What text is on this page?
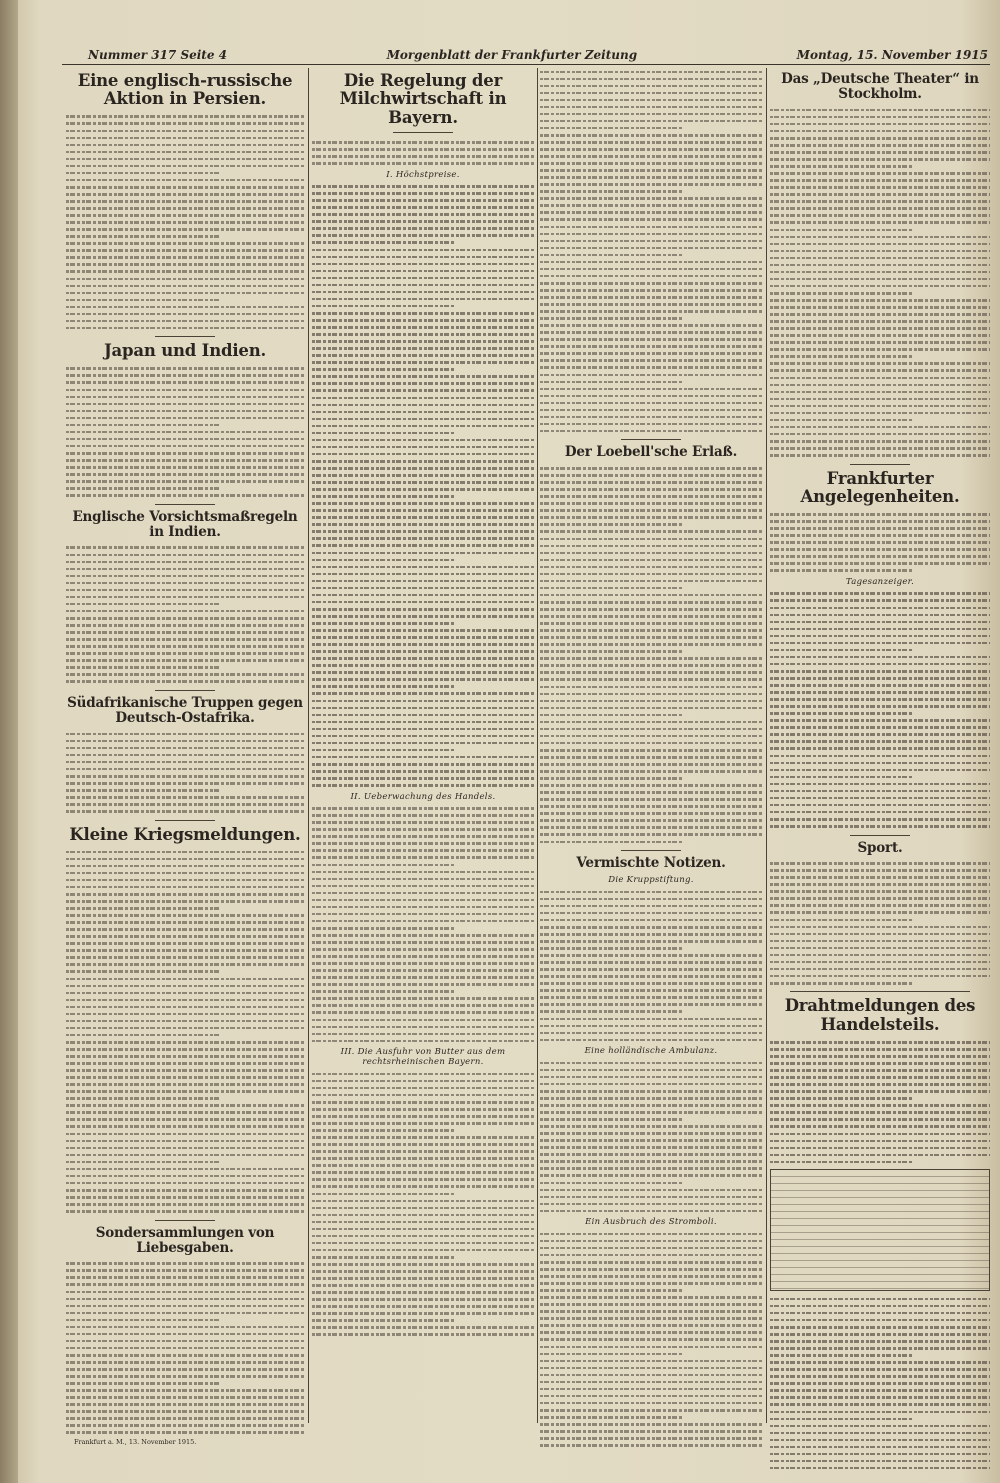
Nummer 317 Seite 4	Morgenblatt der Frankfurter Zeitung	Montag, 15. November 1915
Eine englisch-russische Aktion in Persien.
Japan und Indien.
Englische Vorsichtsmaßregeln in Indien.
Südafrikanische Truppen gegen Deutsch-Ostafrika.
Kleine Kriegsmeldungen.
Sondersammlungen von Liebesgaben.
Frankfurt a. M., 13. November 1915.
Die Regelung der Milchwirtschaft in Bayern.
I. Höchstpreise.
II. Ueberwachung des Handels.
III. Die Ausfuhr von Butter aus dem rechtsrheinischen Bayern.
Der Loebell'sche Erlaß.
Vermischte Notizen.
Die Kruppstiftung.
Eine holländische Ambulanz.
Ein Ausbruch des Stromboli.
Das „Deutsche Theater“ in Stockholm.
Frankfurter Angelegenheiten.
Tagesanzeiger.
Sport.
Drahtmeldungen des Handelsteils.
